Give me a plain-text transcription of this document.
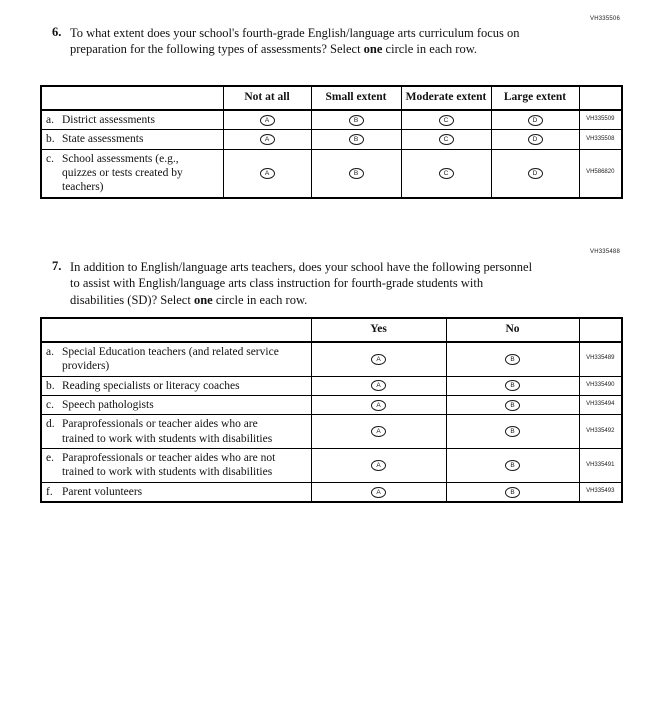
VH335506
6. To what extent does your school's fourth-grade English/language arts curriculum focus on preparation for the following types of assessments? Select one circle in each row.

	Not at all	Small extent	Moderate extent	Large extent	

a. District assessments	A	B	C	D	VH335509

b. State assessments	A	B	C	D	VH335508

c. School assessments (e.g., quizzes or tests created by teachers)	A	B	C	D	VH586820
VH335488
7. In addition to English/language arts teachers, does your school have the following personnel to assist with English/language arts class instruction for fourth-grade students with disabilities (SD)? Select one circle in each row.

	Yes	No	

a. Special Education teachers (and related service providers)	A	B	VH335489

b. Reading specialists or literacy coaches	A	B	VH335490

c. Speech pathologists	A	B	VH335494

d. Paraprofessionals or teacher aides who are trained to work with students with disabilities	A	B	VH335492

e. Paraprofessionals or teacher aides who are not trained to work with students with disabilities	A	B	VH335491

f. Parent volunteers	A	B	VH335493
